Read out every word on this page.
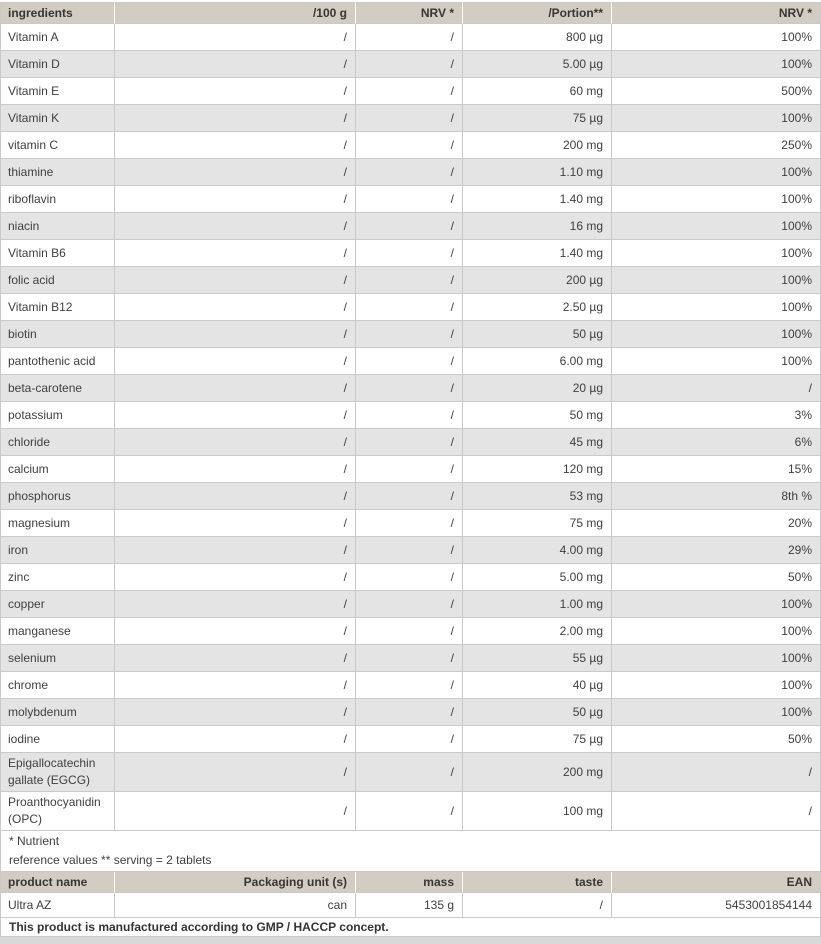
ingredients	/100 g	NRV *	/Portion**	NRV *
Vitamin A	/	/	800 µg	100%
Vitamin D	/	/	5.00 µg	100%
Vitamin E	/	/	60 mg	500%
Vitamin K	/	/	75 µg	100%
vitamin C	/	/	200 mg	250%
thiamine	/	/	1.10 mg	100%
riboflavin	/	/	1.40 mg	100%
niacin	/	/	16 mg	100%
Vitamin B6	/	/	1.40 mg	100%
folic acid	/	/	200 µg	100%
Vitamin B12	/	/	2.50 µg	100%
biotin	/	/	50 µg	100%
pantothenic acid	/	/	6.00 mg	100%
beta-carotene	/	/	20 µg	/
potassium	/	/	50 mg	3%
chloride	/	/	45 mg	6%
calcium	/	/	120 mg	15%
phosphorus	/	/	53 mg	8th %
magnesium	/	/	75 mg	20%
iron	/	/	4.00 mg	29%
zinc	/	/	5.00 mg	50%
copper	/	/	1.00 mg	100%
manganese	/	/	2.00 mg	100%
selenium	/	/	55 µg	100%
chrome	/	/	40 µg	100%
molybdenum	/	/	50 µg	100%
iodine	/	/	75 µg	50%
Epigallocatechin gallate (EGCG)	/	/	200 mg	/
Proanthocyanidin (OPC)	/	/	100 mg	/

* Nutrient
reference values ** serving = 2 tablets				
product name	Packaging unit (s)	mass	taste	EAN
Ultra AZ	can	135 g	/	5453001854144
This product is manufactured according to GMP / HACCP concept.				
